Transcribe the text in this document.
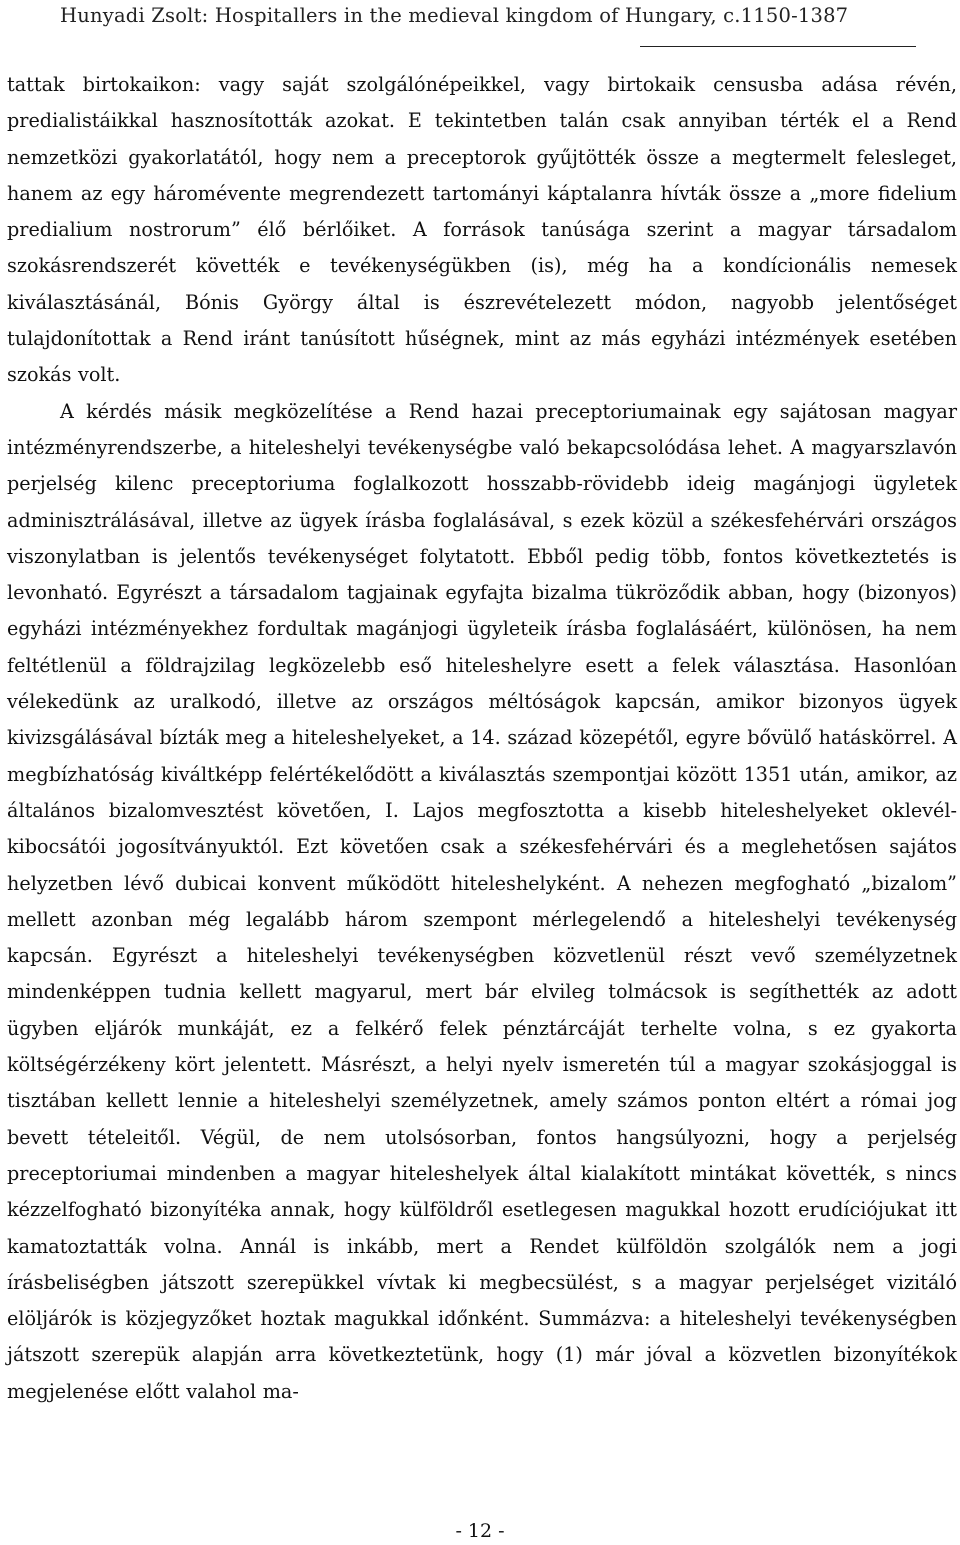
Hunyadi Zsolt: Hospitallers in the medieval kingdom of Hungary, c.1150-1387

tattak birtokaikon: vagy saját szolgálónépeikkel, vagy birtokaik censusba adása révén, predialistáikkal hasznosították azokat. E tekintetben talán csak annyiban térték el a Rend nemzetközi gyakorlatától, hogy nem a preceptorok gyűjtötték össze a megtermelt felesleget, hanem az egy háromévente megrendezett tartományi káptalanra hívták össze a „more fidelium predialium nostrorum” élő bérlőiket. A források tanúsága szerint a magyar társadalom szokásrendszerét követték e tevékenységükben (is), még ha a kondícionális nemesek kiválasztásánál, Bónis György által is észrevételezett módon, nagyobb jelentőséget tulajdonítottak a Rend iránt tanúsított hűségnek, mint az más egyházi intézmények esetében szokás volt.

A kérdés másik megközelítése a Rend hazai preceptoriumainak egy sajátosan magyar intézményrendszerbe, a hiteleshelyi tevékenységbe való bekapcsolódása lehet. A magyarszlavón perjelség kilenc preceptoriuma foglalkozott hosszabb-rövidebb ideig magánjogi ügyletek adminisztrálásával, illetve az ügyek írásba foglalásával, s ezek közül a székesfehérvári országos viszonylatban is jelentős tevékenységet folytatott. Ebből pedig több, fontos következtetés is levonható. Egyrészt a társadalom tagjainak egyfajta bizalma tükröződik abban, hogy (bizonyos) egyházi intézményekhez fordultak magánjogi ügyleteik írásba foglalásáért, különösen, ha nem feltétlenül a földrajzilag legközelebb eső hiteleshelyre esett a felek választása. Hasonlóan vélekedünk az uralkodó, illetve az országos méltóságok kapcsán, amikor bizonyos ügyek kivizsgálásával bízták meg a hiteleshelyeket, a 14. század közepétől, egyre bővülő hatáskörrel. A megbízhatóság kiváltképp felértékelődött a kiválasztás szempontjai között 1351 után, amikor, az általános bizalomvesztést követően, I. Lajos megfosztotta a kisebb hiteleshelyeket oklevél-kibocsátói jogosítványuktól. Ezt követően csak a székesfehérvári és a meglehetősen sajátos helyzetben lévő dubicai konvent működött hiteleshelyként. A nehezen megfogható „bizalom” mellett azonban még legalább három szempont mérlegelendő a hiteleshelyi tevékenység kapcsán. Egyrészt a hiteleshelyi tevékenységben közvetlenül részt vevő személyzetnek mindenképpen tudnia kellett magyarul, mert bár elvileg tolmácsok is segíthették az adott ügyben eljárók munkáját, ez a felkérő felek pénztárcáját terhelte volna, s ez gyakorta költségérzékeny kört jelentett. Másrészt, a helyi nyelv ismeretén túl a magyar szokásjoggal is tisztában kellett lennie a hiteleshelyi személyzetnek, amely számos ponton eltért a római jog bevett tételeitől. Végül, de nem utolsósorban, fontos hangsúlyozni, hogy a perjelség preceptoriumai mindenben a magyar hiteleshelyek által kialakított mintákat követték, s nincs kézzelfogható bizonyítéka annak, hogy külföldről esetlegesen magukkal hozott erudíciójukat itt kamatoztatták volna. Annál is inkább, mert a Rendet külföldön szolgálók nem a jogi írásbeliségben játszott szerepükkel vívtak ki megbecsülést, s a magyar perjelséget vizitáló elöljárók is közjegyzőket hoztak magukkal időnként. Summázva: a hiteleshelyi tevékenységben játszott szerepük alapján arra következtetünk, hogy (1) már jóval a közvetlen bizonyítékok megjelenése előtt valahol ma-

- 12 -
